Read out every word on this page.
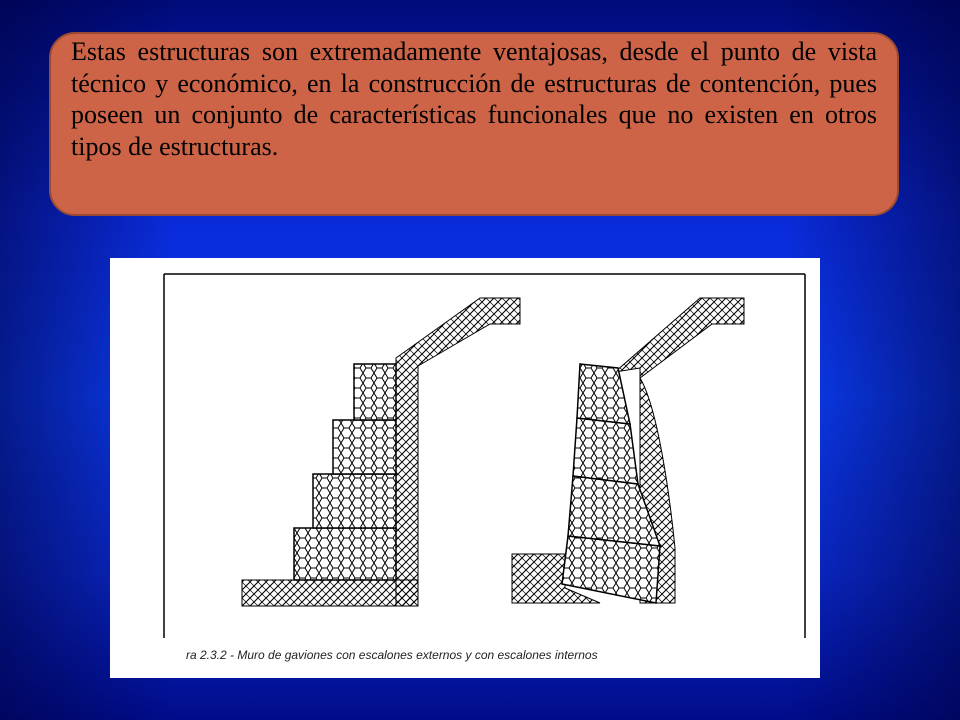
Estas estructuras son extremadamente ventajosas, desde el punto de vista técnico y económico, en la construcción de estructuras de contención, pues poseen un conjunto de características funcionales que no existen en otros tipos de estructuras.

ra 2.3.2 - Muro de gaviones con escalones externos y con escalones internos
